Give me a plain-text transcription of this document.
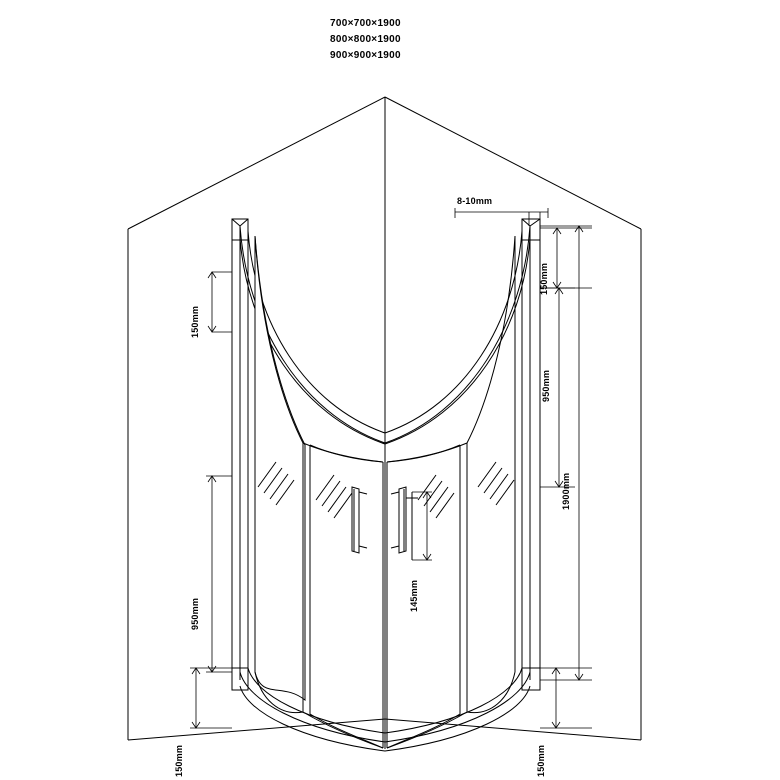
700×700×1900
800×800×1900
900×900×1900
8-10mm
150mm
150mm
950mm
1900mm
145mm
950mm
150mm	150mm
